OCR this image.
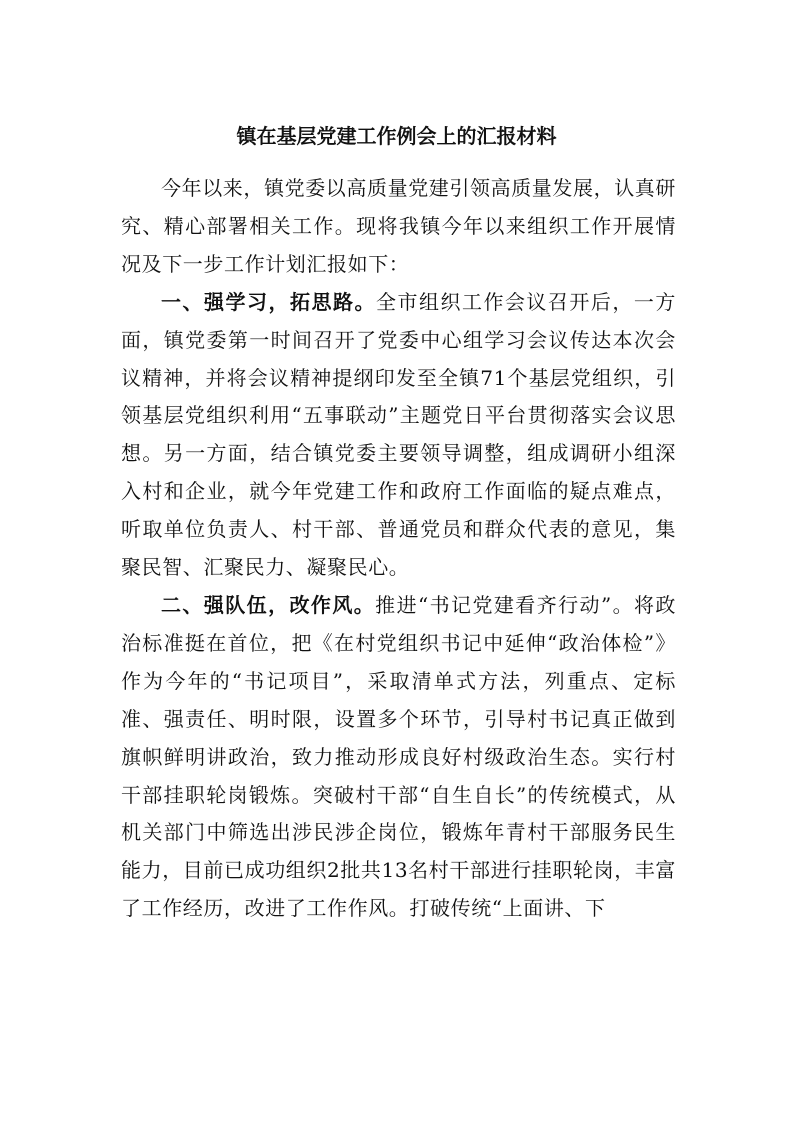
镇在基层党建工作例会上的汇报材料

今年以来，镇党委以高质量党建引领高质量发展，认真研究、精心部署相关工作。现将我镇今年以来组织工作开展情况及下一步工作计划汇报如下：

一、强学习，拓思路。全市组织工作会议召开后，一方面，镇党委第一时间召开了党委中心组学习会议传达本次会议精神，并将会议精神提纲印发至全镇71个基层党组织，引领基层党组织利用“五事联动”主题党日平台贯彻落实会议思想。另一方面，结合镇党委主要领导调整，组成调研小组深入村和企业，就今年党建工作和政府工作面临的疑点难点，听取单位负责人、村干部、普通党员和群众代表的意见，集聚民智、汇聚民力、凝聚民心。

二、强队伍，改作风。推进“书记党建看齐行动”。将政治标准挺在首位，把《在村党组织书记中延伸“政治体检”》作为今年的“书记项目”，采取清单式方法，列重点、定标准、强责任、明时限，设置多个环节，引导村书记真正做到旗帜鲜明讲政治，致力推动形成良好村级政治生态。实行村干部挂职轮岗锻炼。突破村干部“自生自长”的传统模式，从机关部门中筛选出涉民涉企岗位，锻炼年青村干部服务民生能力，目前已成功组织2批共13名村干部进行挂职轮岗，丰富了工作经历，改进了工作作风。打破传统“上面讲、下
